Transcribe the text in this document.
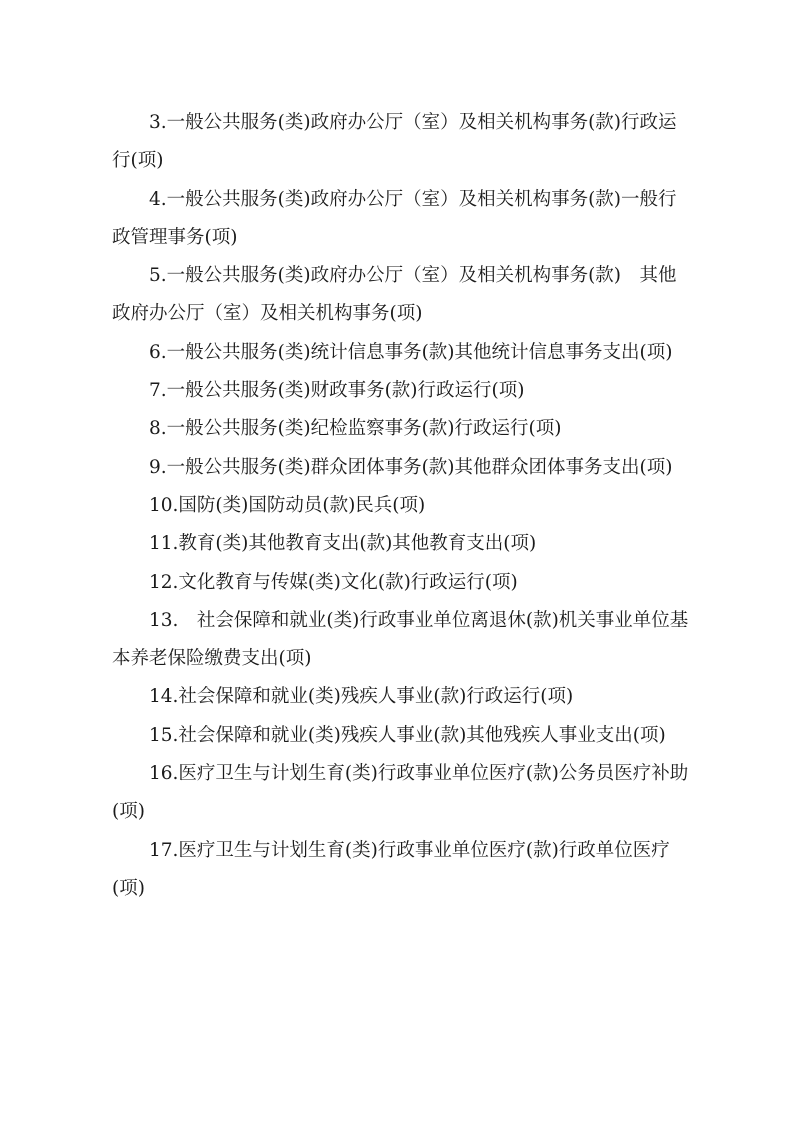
3.一般公共服务(类)政府办公厅（室）及相关机构事务(款)行政运行(项)

4.一般公共服务(类)政府办公厅（室）及相关机构事务(款)一般行政管理事务(项)

5.一般公共服务(类)政府办公厅（室）及相关机构事务(款)　其他政府办公厅（室）及相关机构事务(项)

6.一般公共服务(类)统计信息事务(款)其他统计信息事务支出(项)

7.一般公共服务(类)财政事务(款)行政运行(项)

8.一般公共服务(类)纪检监察事务(款)行政运行(项)

9.一般公共服务(类)群众团体事务(款)其他群众团体事务支出(项)

10.国防(类)国防动员(款)民兵(项)

11.教育(类)其他教育支出(款)其他教育支出(项)

12.文化教育与传媒(类)文化(款)行政运行(项)

13.　社会保障和就业(类)行政事业单位离退休(款)机关事业单位基本养老保险缴费支出(项)

14.社会保障和就业(类)残疾人事业(款)行政运行(项)

15.社会保障和就业(类)残疾人事业(款)其他残疾人事业支出(项)

16.医疗卫生与计划生育(类)行政事业单位医疗(款)公务员医疗补助(项)

17.医疗卫生与计划生育(类)行政事业单位医疗(款)行政单位医疗(项)
